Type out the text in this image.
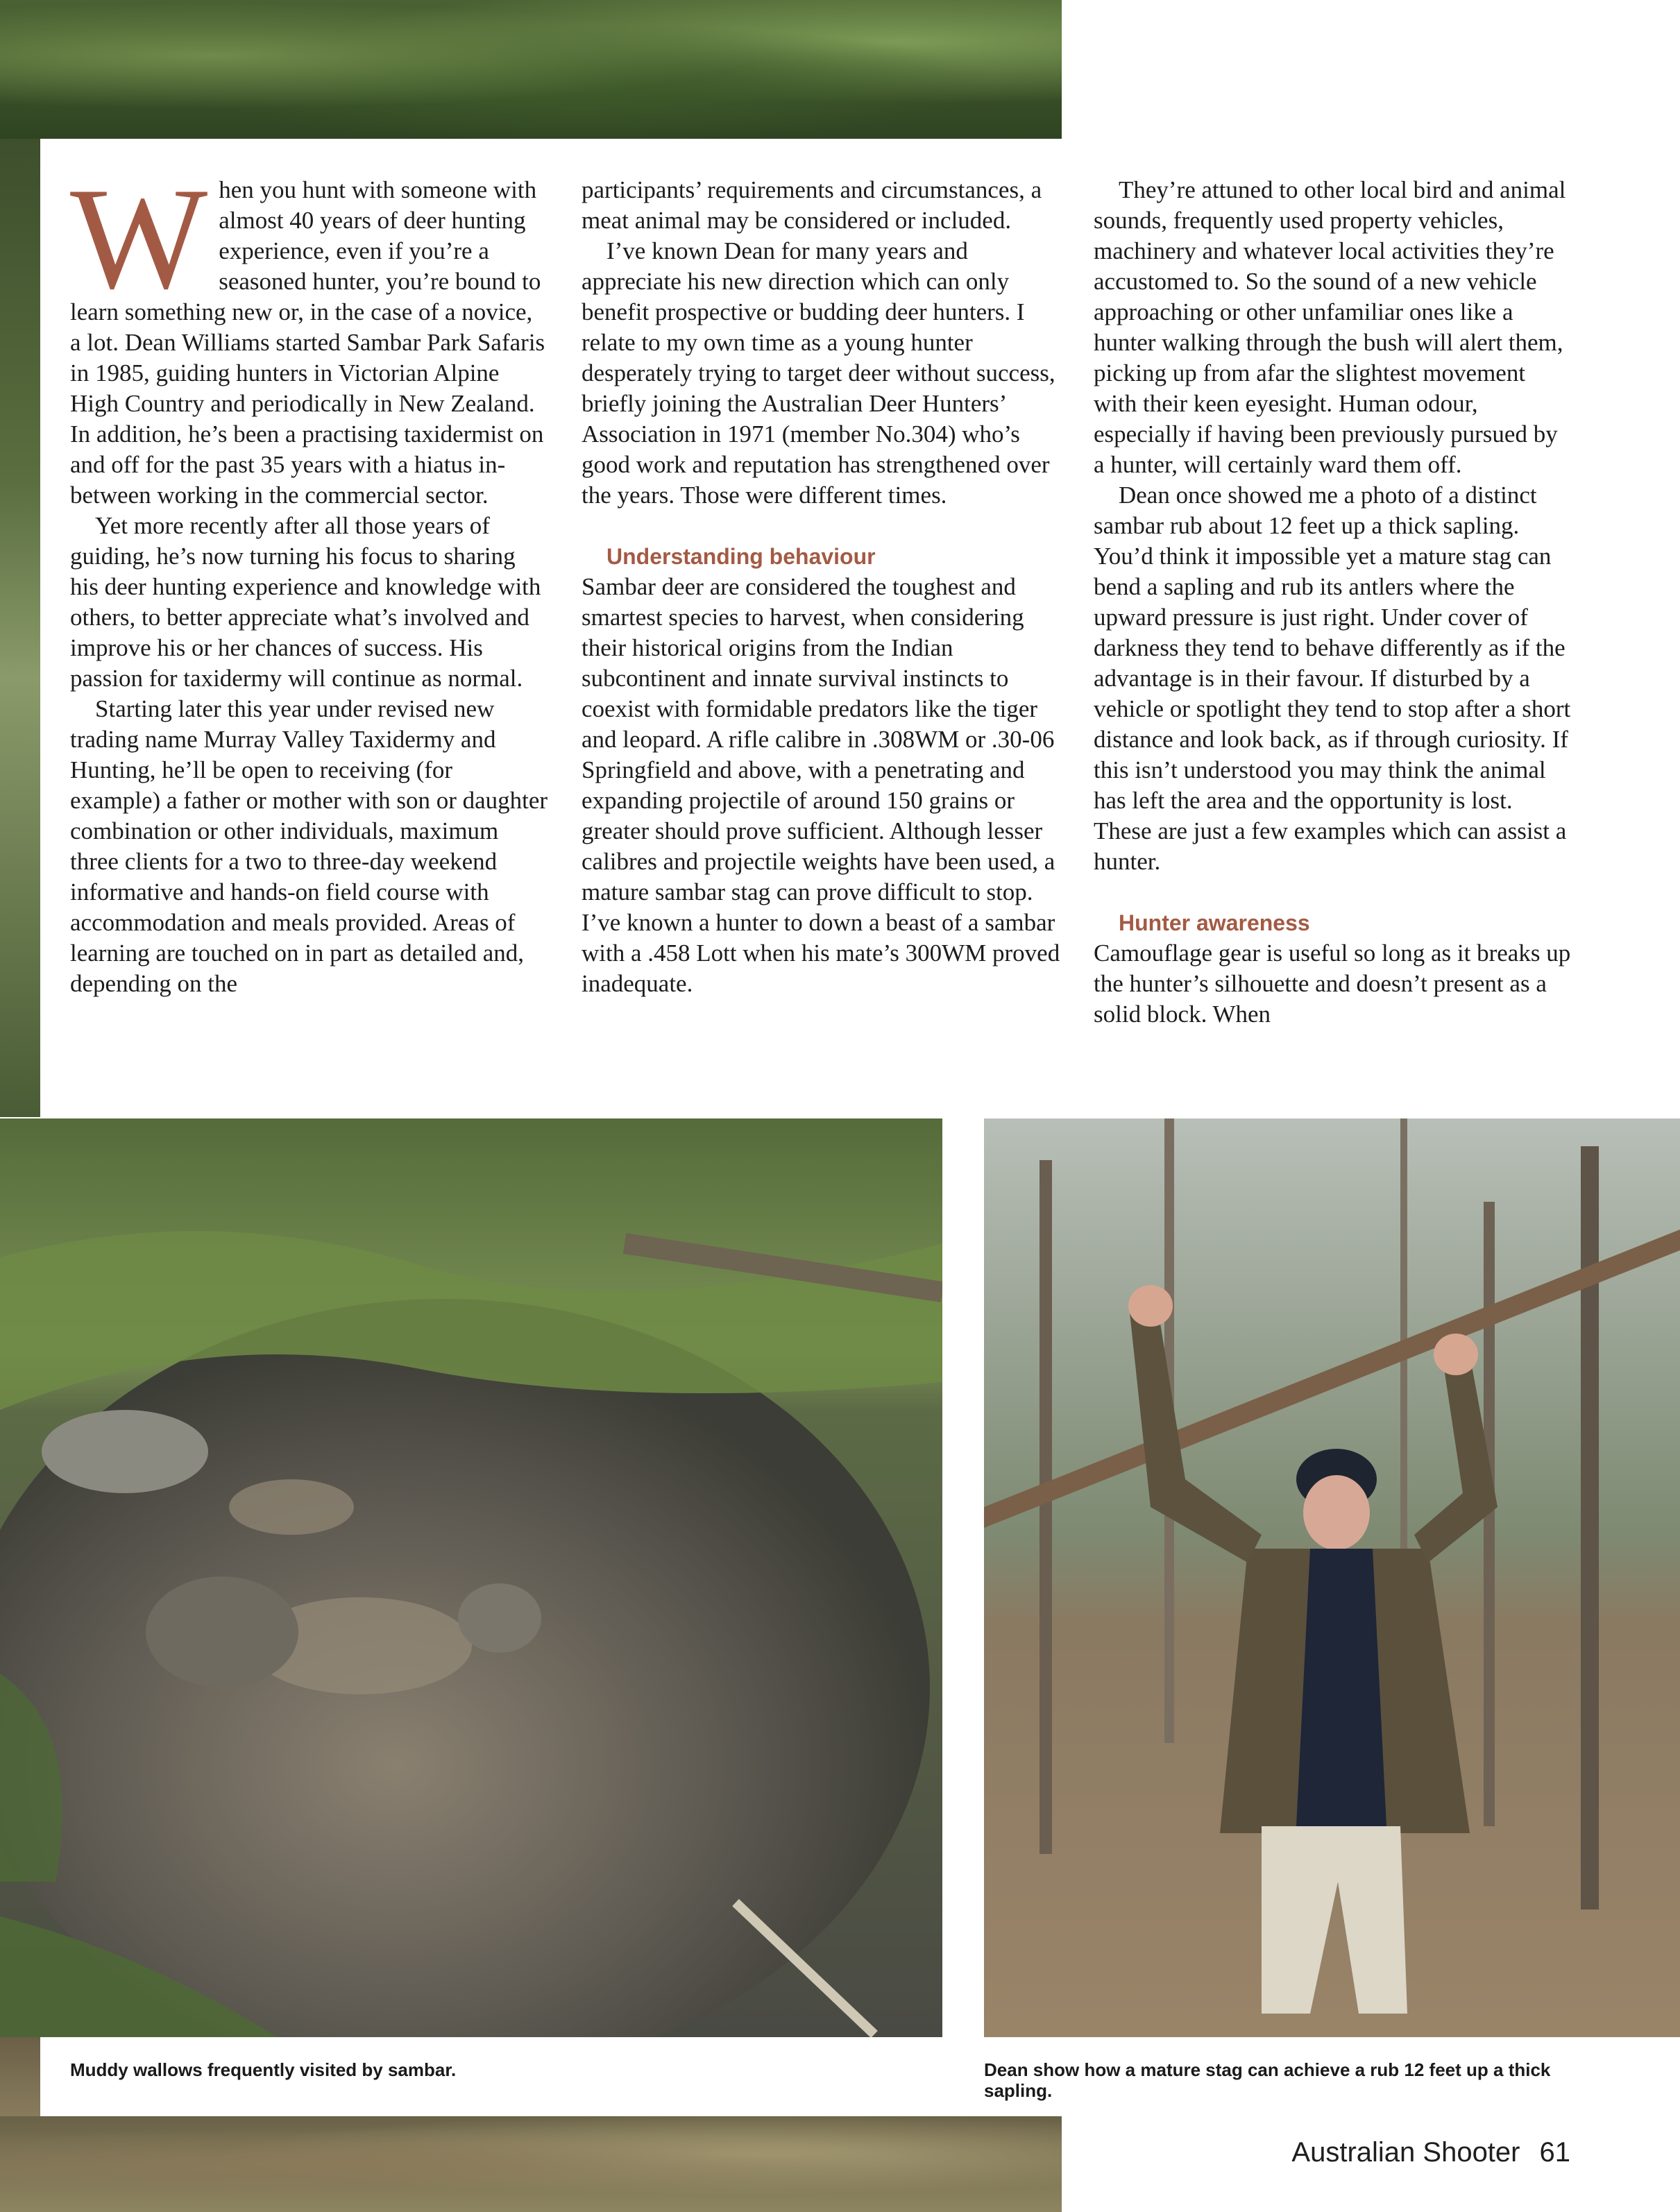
W hen you hunt with someone with almost 40 years of deer hunting experience, even if you’re a seasoned hunter, you’re bound to learn something new or, in the case of a novice, a lot. Dean Williams started Sambar Park Safaris in 1985, guiding hunters in Victorian Alpine High Country and periodically in New Zealand. In addition, he’s been a practising taxidermist on and off for the past 35 years with a hiatus in-between working in the commercial sector.

Yet more recently after all those years of guiding, he’s now turning his focus to sharing his deer hunting experience and knowledge with others, to better appreciate what’s involved and improve his or her chances of success. His passion for taxidermy will continue as normal.

Starting later this year under revised new trading name Murray Valley Taxidermy and Hunting, he’ll be open to receiving (for example) a father or mother with son or daughter combination or other individuals, maximum three clients for a two to three-day weekend informative and hands-on field course with accommodation and meals provided. Areas of learning are touched on in part as detailed and, depending on the

participants’ requirements and circumstances, a meat animal may be considered or included.

I’ve known Dean for many years and appreciate his new direction which can only benefit prospective or budding deer hunters. I relate to my own time as a young hunter desperately trying to target deer without success, briefly joining the Australian Deer Hunters’ Association in 1971 (member No.304) who’s good work and reputation has strengthened over the years. Those were different times.

Understanding behaviour

Sambar deer are considered the toughest and smartest species to harvest, when considering their historical origins from the Indian subcontinent and innate survival instincts to coexist with formidable predators like the tiger and leopard. A rifle calibre in .308WM or .30-06 Springfield and above, with a penetrating and expanding projectile of around 150 grains or greater should prove sufficient. Although lesser calibres and projectile weights have been used, a mature sambar stag can prove difficult to stop. I’ve known a hunter to down a beast of a sambar with a .458 Lott when his mate’s 300WM proved inadequate.

They’re attuned to other local bird and animal sounds, frequently used property vehicles, machinery and whatever local activities they’re accustomed to. So the sound of a new vehicle approaching or other unfamiliar ones like a hunter walking through the bush will alert them, picking up from afar the slightest movement with their keen eyesight. Human odour, especially if having been previously pursued by a hunter, will certainly ward them off.

Dean once showed me a photo of a distinct sambar rub about 12 feet up a thick sapling. You’d think it impossible yet a mature stag can bend a sapling and rub its antlers where the upward pressure is just right. Under cover of darkness they tend to behave differently as if the advantage is in their favour. If disturbed by a vehicle or spotlight they tend to stop after a short distance and look back, as if through curiosity. If this isn’t understood you may think the animal has left the area and the opportunity is lost. These are just a few examples which can assist a hunter.

Hunter awareness

Camouflage gear is useful so long as it breaks up the hunter’s silhouette and doesn’t present as a solid block. When

Muddy wallows frequently visited by sambar.	Dean show how a mature stag can achieve a rub 12 feet up a thick sapling.
Australian Shooter 61
